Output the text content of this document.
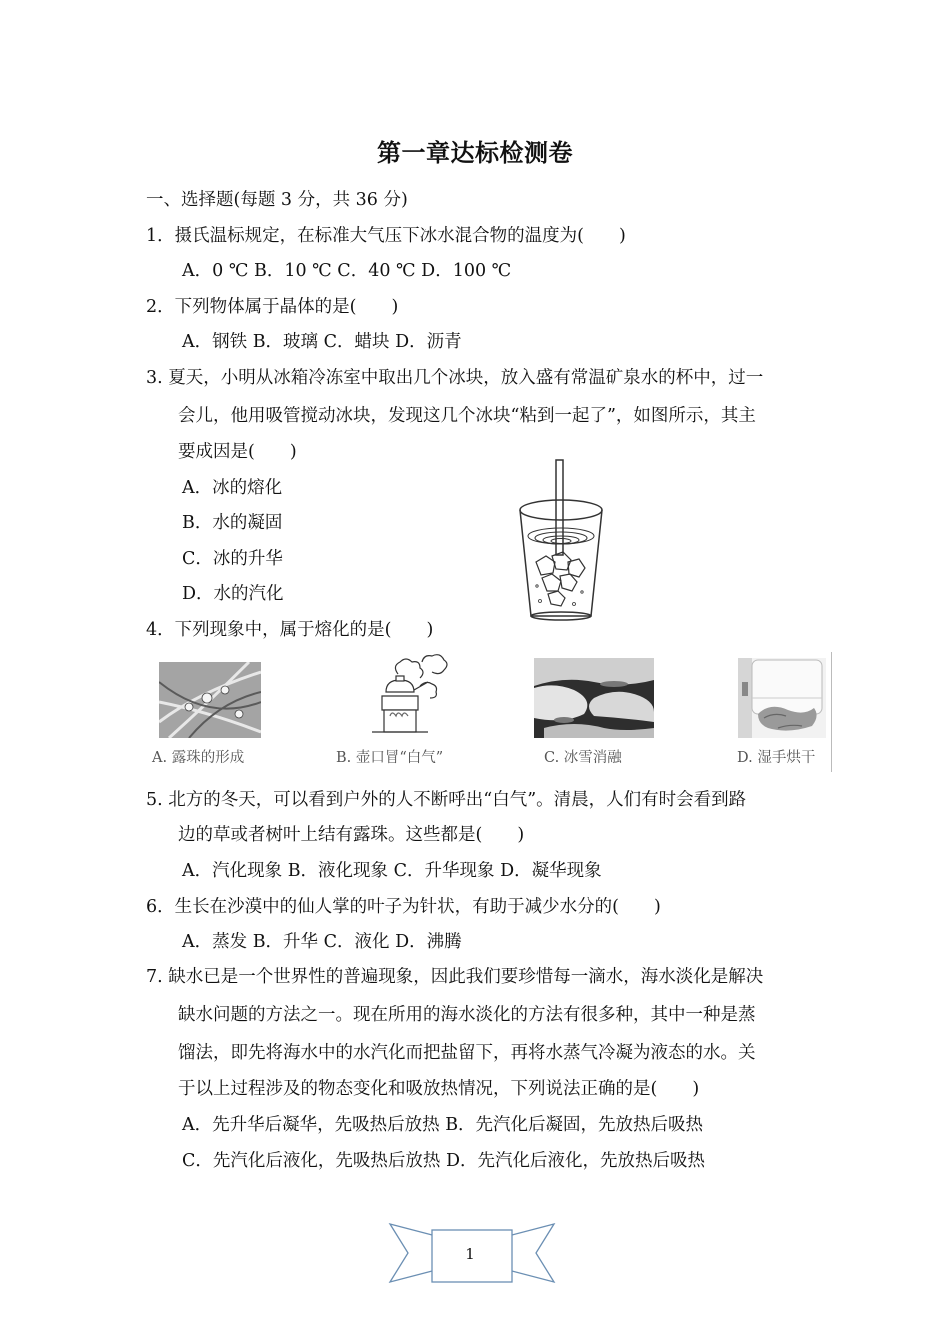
第一章达标检测卷
一、选择题(每题 3 分，共 36 分)
1．摄氏温标规定，在标准大气压下冰水混合物的温度为(　　)
A．0 ℃ B．10 ℃ C．40 ℃ D．100 ℃
2．下列物体属于晶体的是(　　)
A．钢铁 B．玻璃 C．蜡块 D．沥青
3. 夏天，小明从冰箱冷冻室中取出几个冰块，放入盛有常温矿泉水的杯中，过一
会儿，他用吸管搅动冰块，发现这几个冰块“粘到一起了”，如图所示，其主
要成因是(　　)
A．冰的熔化
B．水的凝固
C．冰的升华
D．水的汽化
4．下列现象中，属于熔化的是(　　)
A. 露珠的形成	B. 壶口冒“白气”	C. 冰雪消融	D. 湿手烘干
5. 北方的冬天，可以看到户外的人不断呼出“白气”。清晨，人们有时会看到路
边的草或者树叶上结有露珠。这些都是(　　)
A．汽化现象 B．液化现象 C．升华现象 D．凝华现象
6．生长在沙漠中的仙人掌的叶子为针状，有助于减少水分的(　　)
A．蒸发 B．升华 C．液化 D．沸腾
7. 缺水已是一个世界性的普遍现象，因此我们要珍惜每一滴水，海水淡化是解决
缺水问题的方法之一。现在所用的海水淡化的方法有很多种，其中一种是蒸
馏法，即先将海水中的水汽化而把盐留下，再将水蒸气冷凝为液态的水。关
于以上过程涉及的物态变化和吸放热情况，下列说法正确的是(　　)
A．先升华后凝华，先吸热后放热 B．先汽化后凝固，先放热后吸热
C．先汽化后液化，先吸热后放热 D．先汽化后液化，先放热后吸热
1
